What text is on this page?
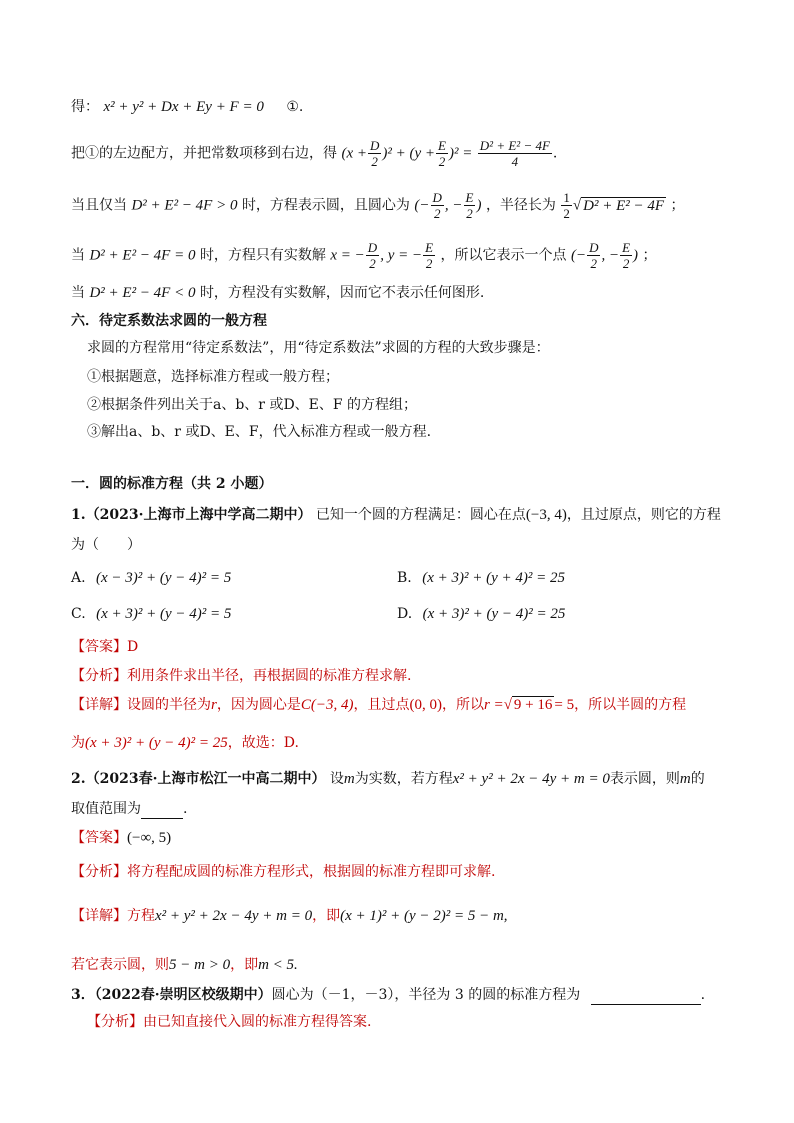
得： x² + y² + Dx + Ey + F = 0 ①.
把①的左边配方，并把常数项移到右边，得 $(x + \frac{D}{2} )^2 + (y + \frac{E}{2} )^2 = \frac{\text{D² + E² − 4F}}{4}$ .
当且仅当 D² + E² − 4F > 0 时，方程表示圆，且圆心为 (− $\frac{D}{2}$ , − $\frac{E}{2}$ ) ，半径长为 $\frac{1}{2}$ √ D² + E² − 4F ；
当 D² + E² − 4F = 0 时，方程只有实数解 x = − $\frac{D}{2}$ , y = − $\frac{E}{2}$ ，所以它表示一个点 (− $\frac{D}{2}$ , − $\frac{E}{2}$ ) ；
当 D² + E² − 4F < 0 时，方程没有实数解，因而它不表示任何图形.
六．待定系数法求圆的一般方程
求圆的方程常用“待定系数法”，用“待定系数法”求圆的方程的大致步骤是：
①根据题意，选择标准方程或一般方程；
②根据条件列出关于a、b、r 或D、E、F 的方程组；
③解出a、b、r 或D、E、F，代入标准方程或一般方程.
一．圆的标准方程（共 2 小题）
1.（2023·上海市上海中学高二期中） 已知一个圆的方程满足：圆心在点(−3, 4)，且过原点，则它的方程
为（　　）
A. (x − 3)² + (y − 4)² = 5	B. (x + 3)² + (y + 4)² = 25
C. (x + 3)² + (y − 4)² = 5	D. (x + 3)² + (y − 4)² = 25
【答案】D
【分析】利用条件求出半径，再根据圆的标准方程求解.
【详解】设圆的半径为r，因为圆心是C(−3, 4)，且过点(0, 0)，所以r =√ 9 + 16 = 5，所以半圆的方程
为(x + 3)² + (y − 4)² = 25，故选：D.
2.（2023春·上海市松江一中高二期中） 设m为实数，若方程x² + y² + 2x − 4y + m = 0表示圆，则m的
取值范围为	.
【答案】(−∞, 5)
【分析】将方程配成圆的标准方程形式，根据圆的标准方程即可求解.
【详解】方程x² + y² + 2x − 4y + m = 0，即(x + 1)² + (y − 2)² = 5 − m,
若它表示圆，则5 − m > 0，即m < 5.
3．（2022春·崇明区校级期中）圆心为（－1，－3），半径为 3 的圆的标准方程为	.
【分析】由已知直接代入圆的标准方程得答案.
